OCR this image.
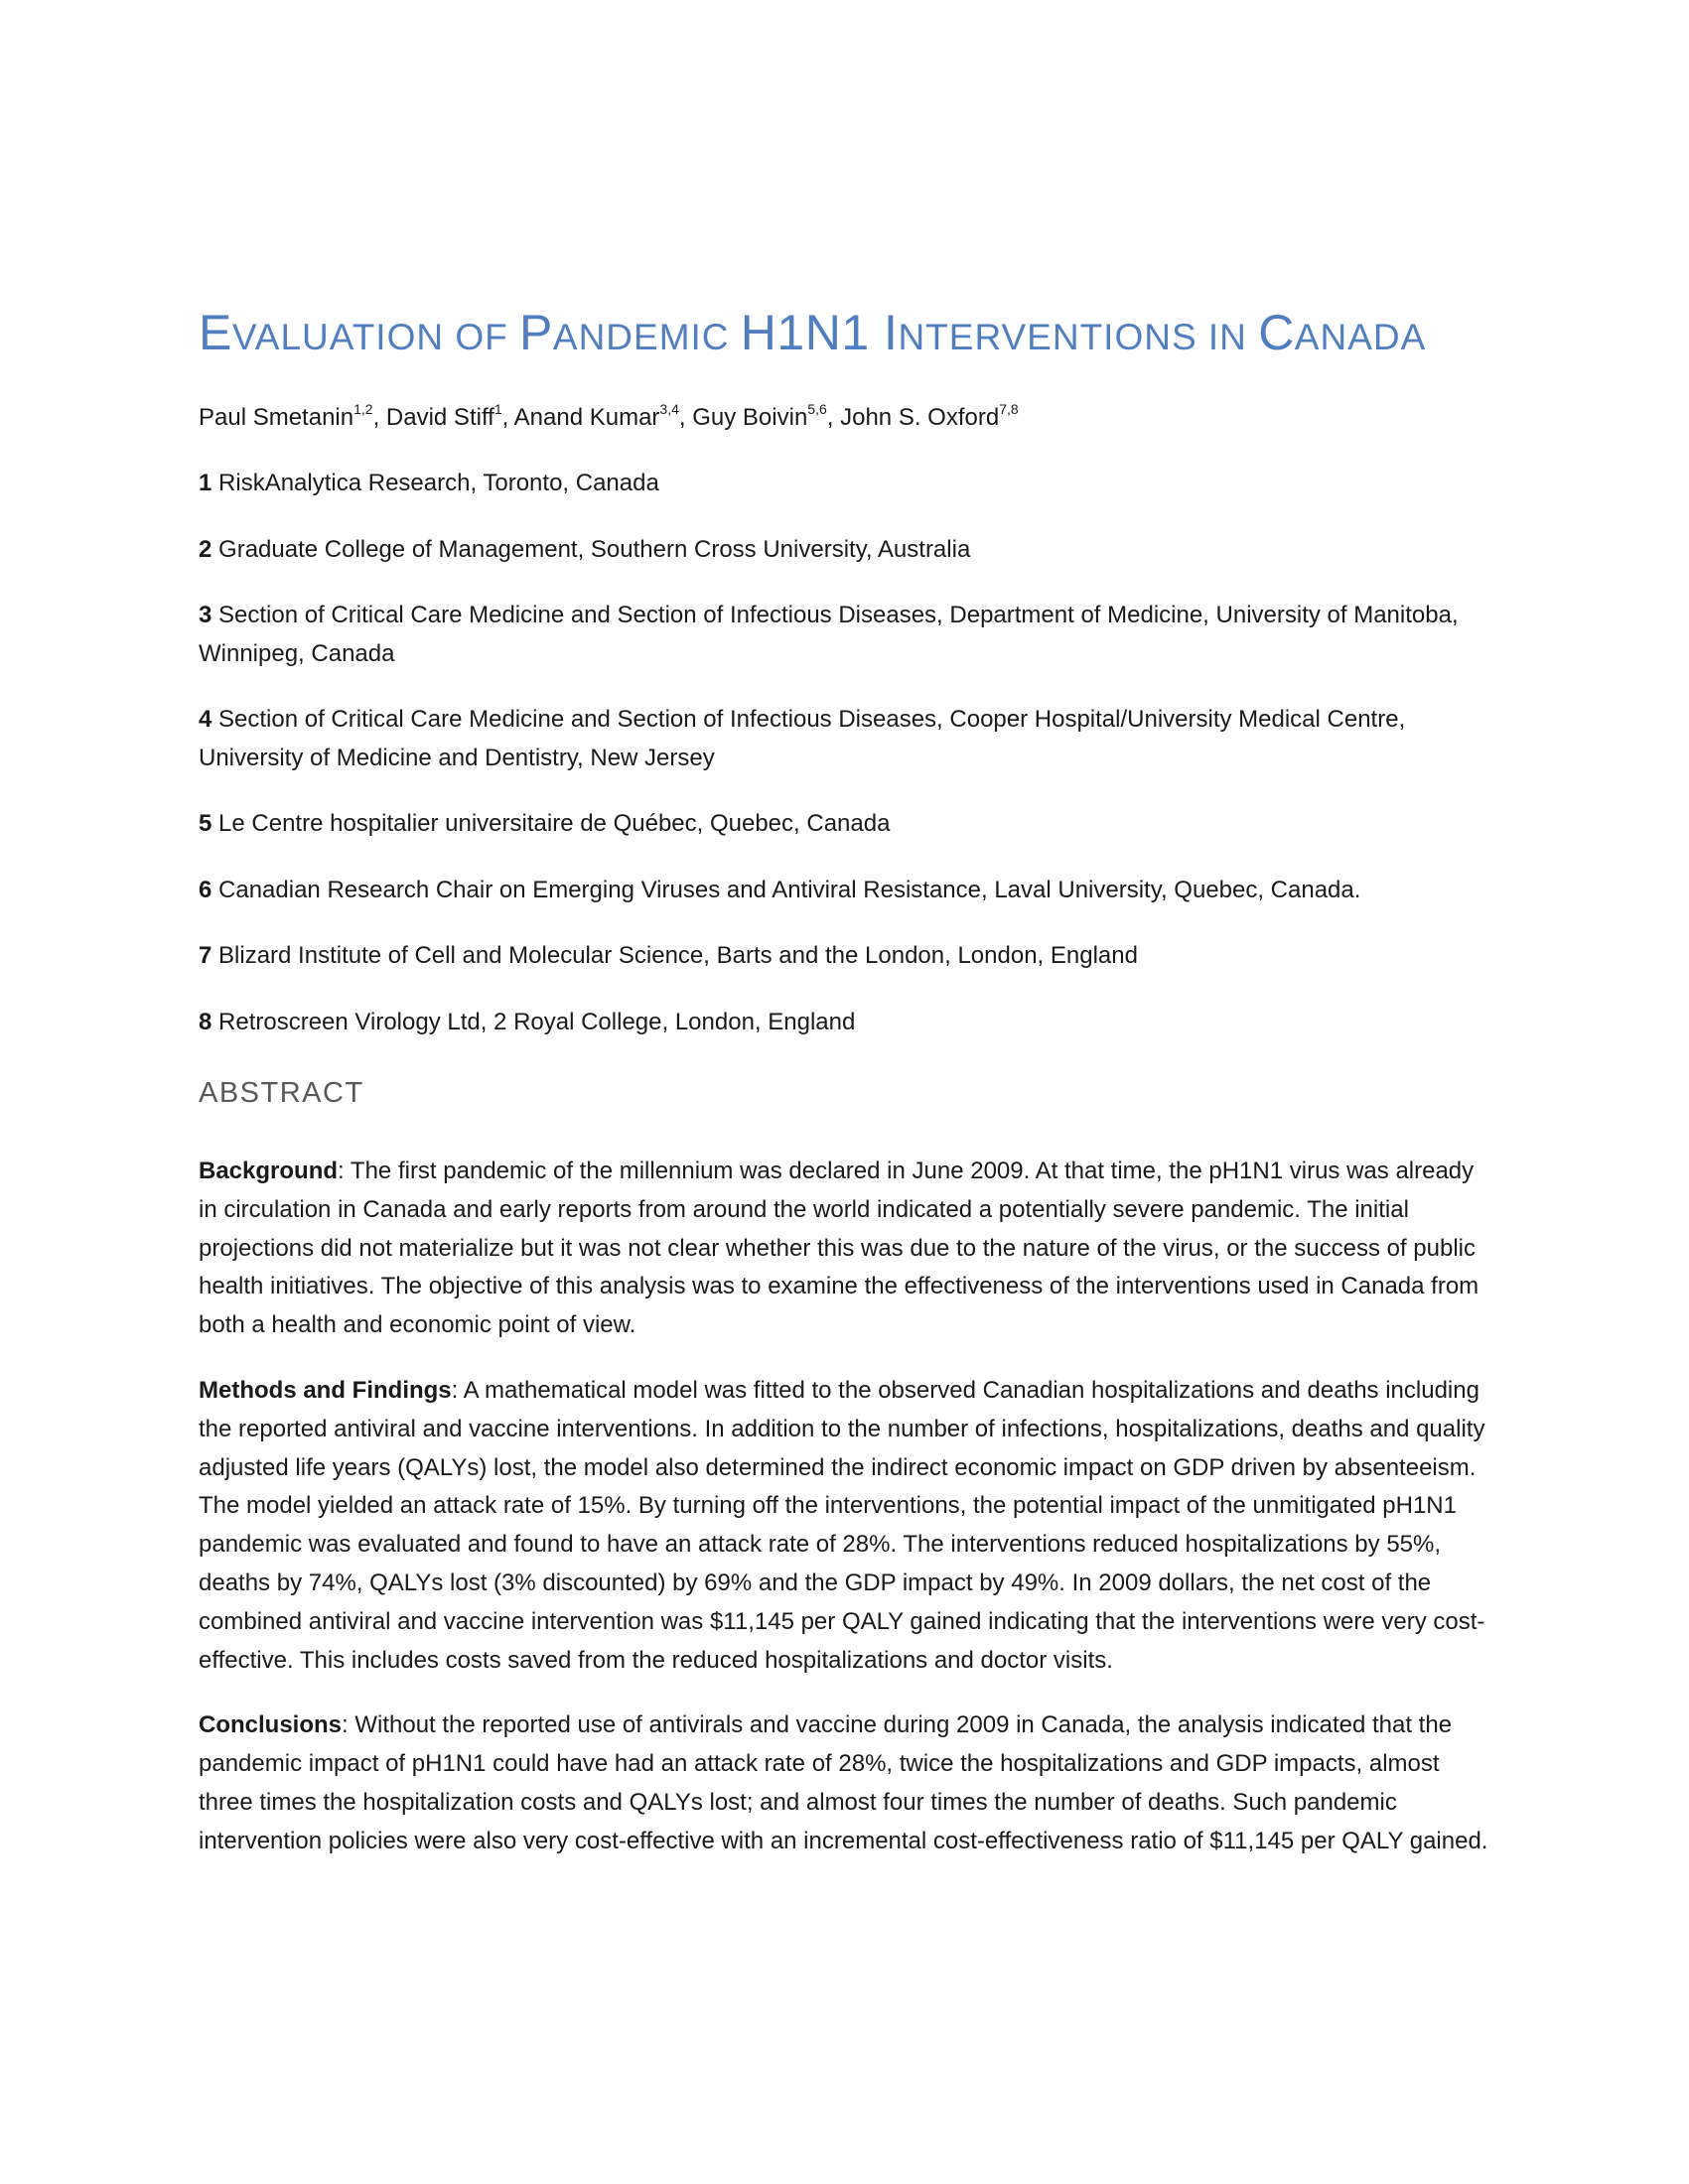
EVALUATION OF PANDEMIC H1N1 INTERVENTIONS IN CANADA

Paul Smetanin$^{1,2}$, David Stiff$^1$, Anand Kumar$^{3,4}$, Guy Boivin$^{5,6}$, John S. Oxford$^{7,8}$

1 RiskAnalytica Research, Toronto, Canada

2 Graduate College of Management, Southern Cross University, Australia

3 Section of Critical Care Medicine and Section of Infectious Diseases, Department of Medicine, University of Manitoba, Winnipeg, Canada

4 Section of Critical Care Medicine and Section of Infectious Diseases, Cooper Hospital/University Medical Centre, University of Medicine and Dentistry, New Jersey

5 Le Centre hospitalier universitaire de Québec, Quebec, Canada

6 Canadian Research Chair on Emerging Viruses and Antiviral Resistance, Laval University, Quebec, Canada.

7 Blizard Institute of Cell and Molecular Science, Barts and the London, London, England

8 Retroscreen Virology Ltd, 2 Royal College, London, England

ABSTRACT

Background: The first pandemic of the millennium was declared in June 2009. At that time, the pH1N1 virus was already in circulation in Canada and early reports from around the world indicated a potentially severe pandemic. The initial projections did not materialize but it was not clear whether this was due to the nature of the virus, or the success of public health initiatives. The objective of this analysis was to examine the effectiveness of the interventions used in Canada from both a health and economic point of view.

Methods and Findings: A mathematical model was fitted to the observed Canadian hospitalizations and deaths including the reported antiviral and vaccine interventions. In addition to the number of infections, hospitalizations, deaths and quality adjusted life years (QALYs) lost, the model also determined the indirect economic impact on GDP driven by absenteeism. The model yielded an attack rate of 15%. By turning off the interventions, the potential impact of the unmitigated pH1N1 pandemic was evaluated and found to have an attack rate of 28%. The interventions reduced hospitalizations by 55%, deaths by 74%, QALYs lost (3% discounted) by 69% and the GDP impact by 49%. In 2009 dollars, the net cost of the combined antiviral and vaccine intervention was $11,145 per QALY gained indicating that the interventions were very cost-effective. This includes costs saved from the reduced hospitalizations and doctor visits.

Conclusions: Without the reported use of antivirals and vaccine during 2009 in Canada, the analysis indicated that the pandemic impact of pH1N1 could have had an attack rate of 28%, twice the hospitalizations and GDP impacts, almost three times the hospitalization costs and QALYs lost; and almost four times the number of deaths. Such pandemic intervention policies were also very cost-effective with an incremental cost-effectiveness ratio of $11,145 per QALY gained.
